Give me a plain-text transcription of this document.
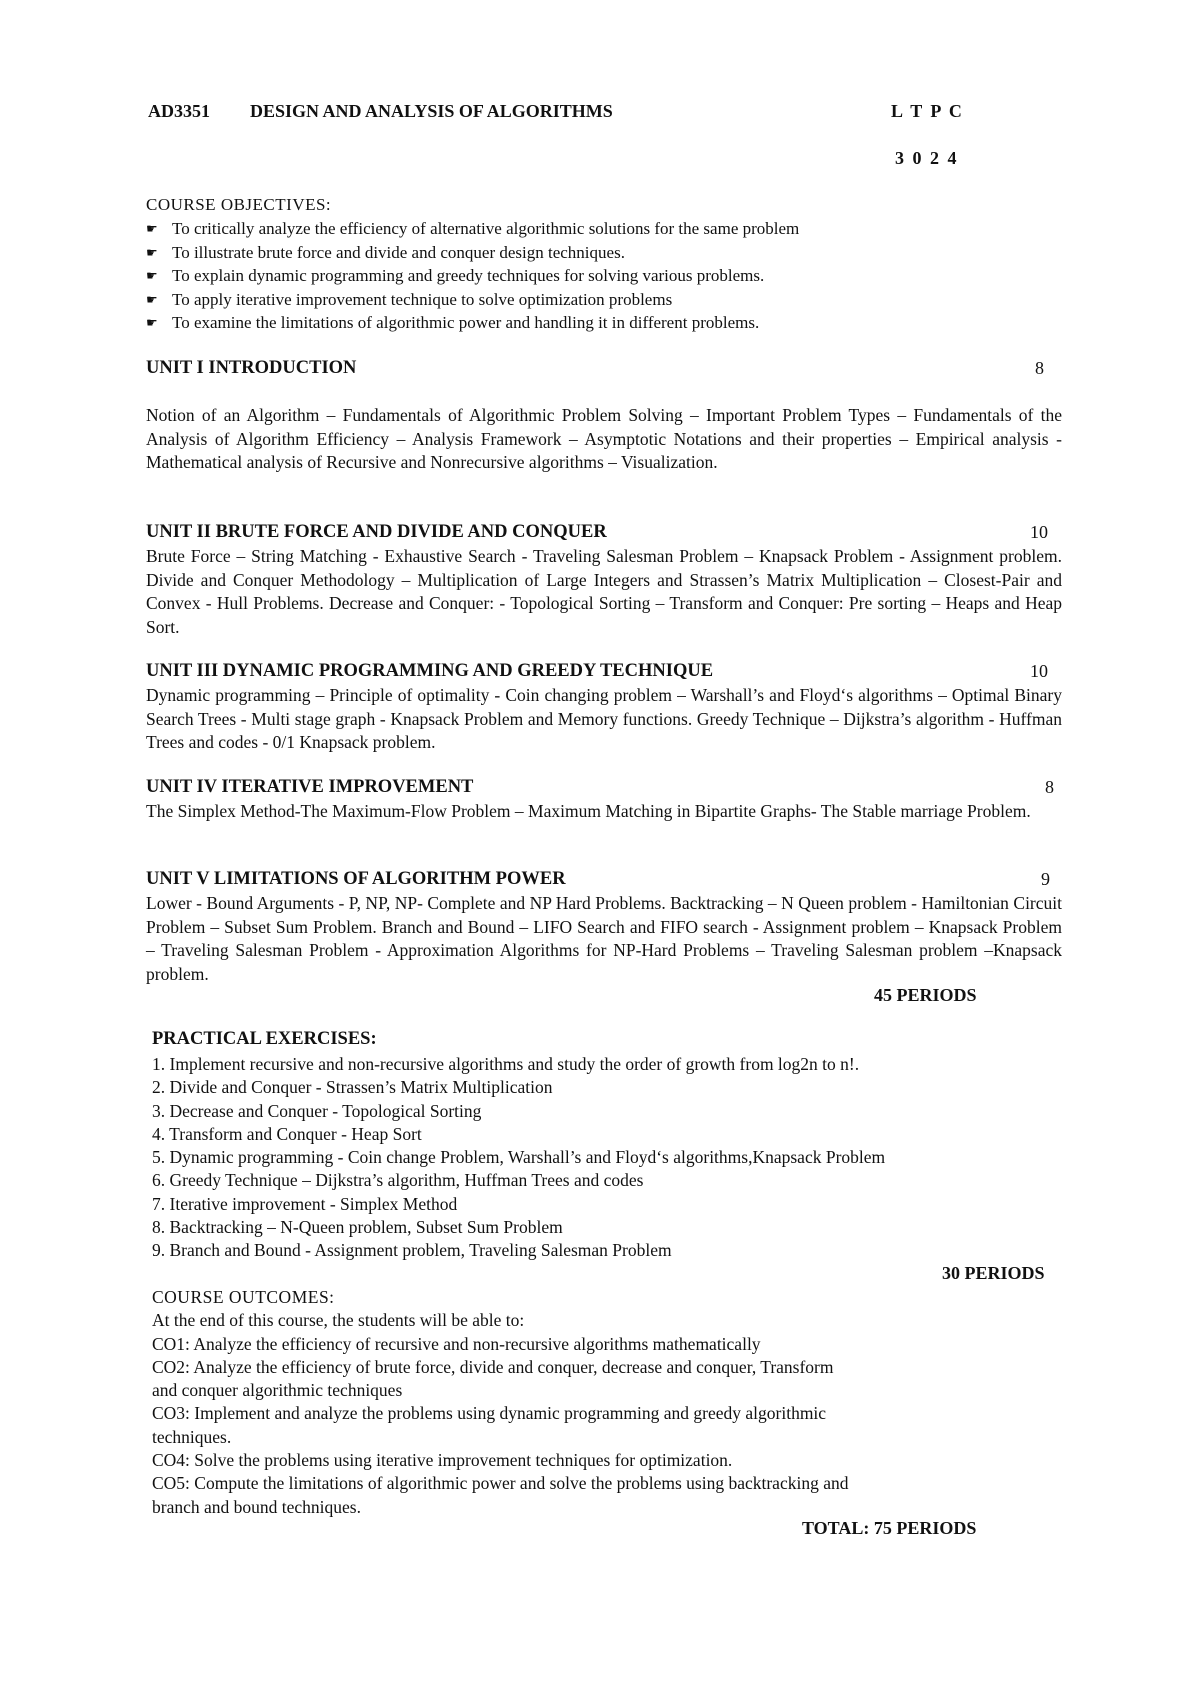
AD3351 DESIGN AND ANALYSIS OF ALGORITHMS	L T P C
3 0 2 4
COURSE OBJECTIVES:
☛ To critically analyze the efficiency of alternative algorithmic solutions for the same problem
☛ To illustrate brute force and divide and conquer design techniques.
☛ To explain dynamic programming and greedy techniques for solving various problems.
☛ To apply iterative improvement technique to solve optimization problems
☛ To examine the limitations of algorithmic power and handling it in different problems.
UNIT I INTRODUCTION	8

Notion of an Algorithm – Fundamentals of Algorithmic Problem Solving – Important Problem Types – Fundamentals of the Analysis of Algorithm Efficiency – Analysis Framework – Asymptotic Notations and their properties – Empirical analysis - Mathematical analysis of Recursive and Nonrecursive algorithms – Visualization.

UNIT II BRUTE FORCE AND DIVIDE AND CONQUER	10

Brute Force – String Matching - Exhaustive Search - Traveling Salesman Problem – Knapsack Problem - Assignment problem. Divide and Conquer Methodology – Multiplication of Large Integers and Strassen’s Matrix Multiplication – Closest-Pair and Convex - Hull Problems. Decrease and Conquer: - Topological Sorting – Transform and Conquer: Pre sorting – Heaps and Heap Sort.

UNIT III DYNAMIC PROGRAMMING AND GREEDY TECHNIQUE	10

Dynamic programming – Principle of optimality - Coin changing problem – Warshall’s and Floyd‘s algorithms – Optimal Binary Search Trees - Multi stage graph - Knapsack Problem and Memory functions. Greedy Technique – Dijkstra’s algorithm - Huffman Trees and codes - 0/1 Knapsack problem.

UNIT IV ITERATIVE IMPROVEMENT	8

The Simplex Method-The Maximum-Flow Problem – Maximum Matching in Bipartite Graphs- The Stable marriage Problem.

UNIT V LIMITATIONS OF ALGORITHM POWER	9

Lower - Bound Arguments - P, NP, NP- Complete and NP Hard Problems. Backtracking – N Queen problem - Hamiltonian Circuit Problem – Subset Sum Problem. Branch and Bound – LIFO Search and FIFO search - Assignment problem – Knapsack Problem – Traveling Salesman Problem - Approximation Algorithms for NP-Hard Problems – Traveling Salesman problem –Knapsack problem.

45 PERIODS
PRACTICAL EXERCISES:
1. Implement recursive and non-recursive algorithms and study the order of growth from log2n to n!.
2. Divide and Conquer - Strassen’s Matrix Multiplication
3. Decrease and Conquer - Topological Sorting
4. Transform and Conquer - Heap Sort
5. Dynamic programming - Coin change Problem, Warshall’s and Floyd‘s algorithms,Knapsack Problem
6. Greedy Technique – Dijkstra’s algorithm, Huffman Trees and codes
7. Iterative improvement - Simplex Method
8. Backtracking – N-Queen problem, Subset Sum Problem
9. Branch and Bound - Assignment problem, Traveling Salesman Problem
30 PERIODS
COURSE OUTCOMES:
At the end of this course, the students will be able to:
CO1: Analyze the efficiency of recursive and non-recursive algorithms mathematically
CO2: Analyze the efficiency of brute force, divide and conquer, decrease and conquer, Transform
and conquer algorithmic techniques
CO3: Implement and analyze the problems using dynamic programming and greedy algorithmic
techniques.
CO4: Solve the problems using iterative improvement techniques for optimization.
CO5: Compute the limitations of algorithmic power and solve the problems using backtracking and
branch and bound techniques.
TOTAL: 75 PERIODS
